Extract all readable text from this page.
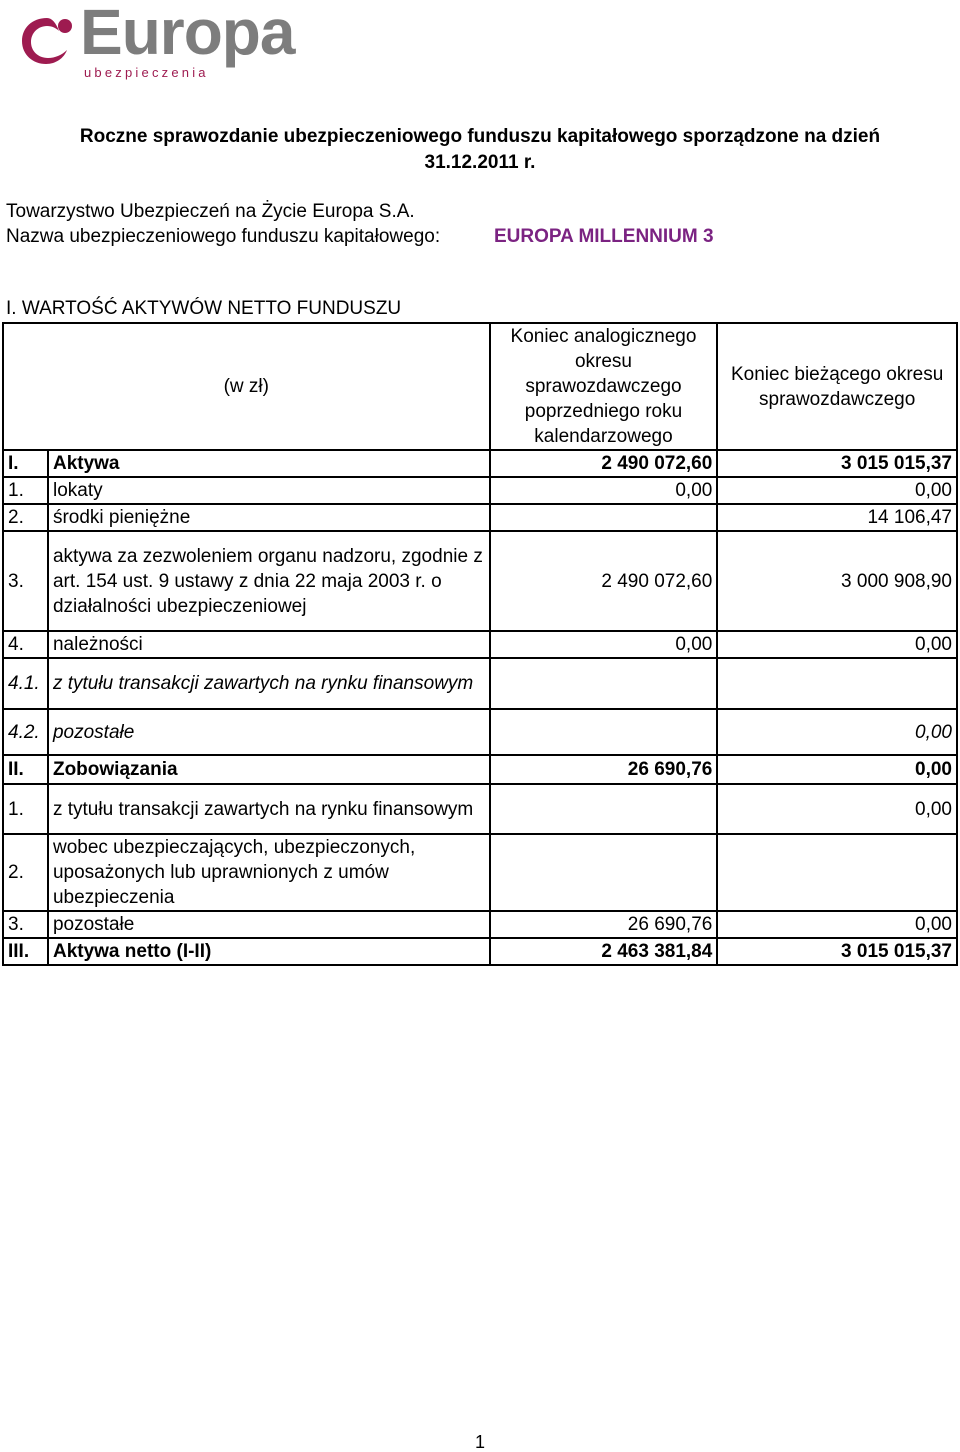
Europa
ubezpieczenia
Roczne sprawozdanie ubezpieczeniowego funduszu kapitałowego sporządzone na dzień
31.12.2011 r.
Towarzystwo Ubezpieczeń na Życie Europa S.A.
Nazwa ubezpieczeniowego funduszu kapitałowego:	EUROPA MILLENNIUM 3
I. WARTOŚĆ AKTYWÓW NETTO FUNDUSZU
(w zł)		Koniec analogicznego okresu sprawozdawczego poprzedniego roku kalendarzowego	Koniec bieżącego okresu sprawozdawczego
I.	Aktywa	2 490 072,60	3 015 015,37
1.	lokaty	0,00	0,00
2.	środki pieniężne		14 106,47
3.	aktywa za zezwoleniem organu nadzoru, zgodnie z art. 154 ust. 9 ustawy z dnia 22 maja 2003 r. o działalności ubezpieczeniowej	2 490 072,60	3 000 908,90
4.	należności	0,00	0,00
4.1.	z tytułu transakcji zawartych na rynku finansowym		
4.2.	pozostałe		0,00
II.	Zobowiązania	26 690,76	0,00
1.	z tytułu transakcji zawartych na rynku finansowym		0,00
2.	wobec ubezpieczających, ubezpieczonych, uposażonych lub uprawnionych z umów ubezpieczenia		
3.	pozostałe	26 690,76	0,00
III.	Aktywa netto (I-II)	2 463 381,84	3 015 015,37
1
